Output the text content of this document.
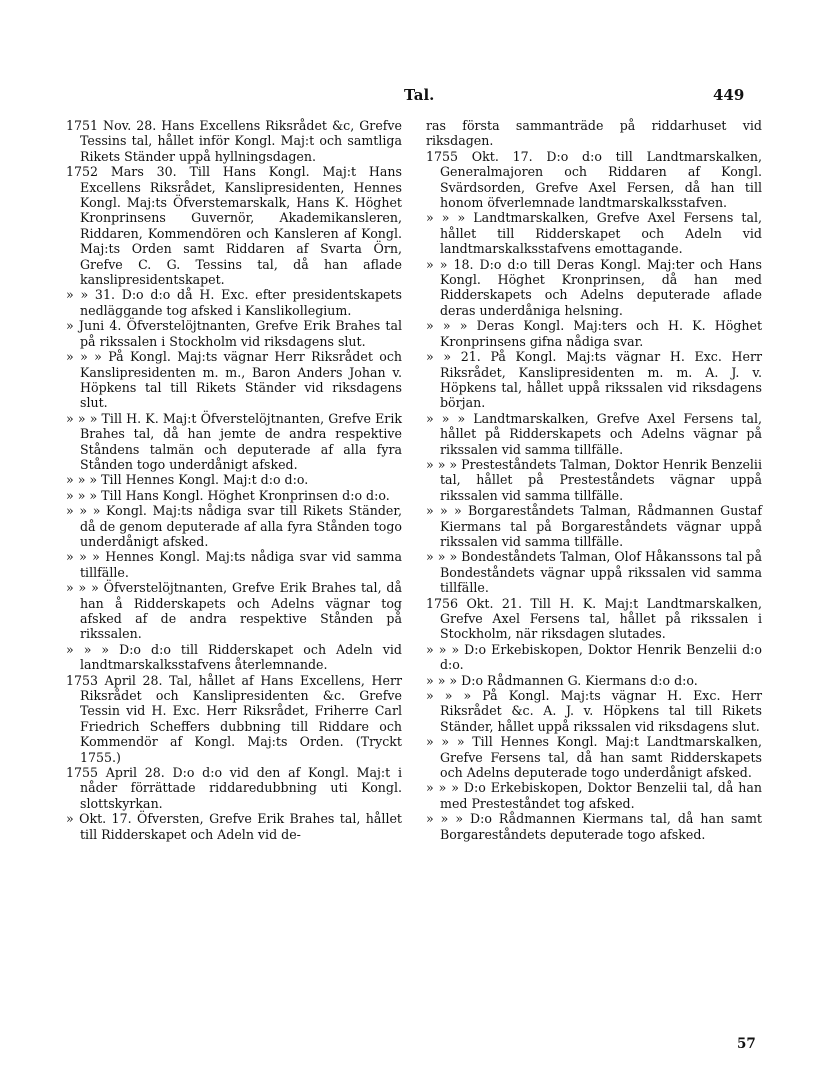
Tal.	449

1751 Nov. 28. Hans Excellens Riksrådet &c, Grefve Tessins tal, hållet inför Kongl. Maj:t och samtliga Rikets Ständer uppå hyllningsdagen.

1752 Mars 30. Till Hans Kongl. Maj:t Hans Excellens Riksrådet, Kanslipresidenten, Hennes Kongl. Maj:ts Öfverstemarskalk, Hans K. Höghet Kronprinsens Guvernör, Akademikansleren, Riddaren, Kommendören och Kansleren af Kongl. Maj:ts Orden samt Riddaren af Svarta Örn, Grefve C. G. Tessins tal, då han aflade kanslipresidentskapet.

» » 31. D:o d:o då H. Exc. efter presidentskapets nedläggande tog afsked i Kanslikollegium.

» Juni 4. Öfverstelöjtnanten, Grefve Erik Brahes tal på rikssalen i Stockholm vid riksdagens slut.

» » » På Kongl. Maj:ts vägnar Herr Riksrådet och Kanslipresidenten m. m., Baron Anders Johan v. Höpkens tal till Rikets Ständer vid riksdagens slut.

» » » Till H. K. Maj:t Öfverstelöjtnanten, Grefve Erik Brahes tal, då han jemte de andra respektive Ståndens talmän och deputerade af alla fyra Stånden togo underdånigt afsked.

» » » Till Hennes Kongl. Maj:t d:o d:o.

» » » Till Hans Kongl. Höghet Kronprinsen d:o d:o.

» » » Kongl. Maj:ts nådiga svar till Rikets Ständer, då de genom deputerade af alla fyra Stånden togo underdånigt afsked.

» » » Hennes Kongl. Maj:ts nådiga svar vid samma tillfälle.

» » » Öfverstelöjtnanten, Grefve Erik Brahes tal, då han å Ridderskapets och Adelns vägnar tog afsked af de andra respektive Stånden på rikssalen.

» » » D:o d:o till Ridderskapet och Adeln vid landtmarskalksstafvens återlemnande.

1753 April 28. Tal, hållet af Hans Excellens, Herr Riksrådet och Kanslipresidenten &c. Grefve Tessin vid H. Exc. Herr Riksrådet, Friherre Carl Friedrich Scheffers dubbning till Riddare och Kommendör af Kongl. Maj:ts Orden. (Tryckt 1755.)

1755 April 28. D:o d:o vid den af Kongl. Maj:t i nåder förrättade riddaredubbning uti Kongl. slottskyrkan.

» Okt. 17. Öfversten, Grefve Erik Brahes tal, hållet till Ridderskapet och Adeln vid de-

ras första sammanträde på riddarhuset vid riksdagen.

1755 Okt. 17. D:o d:o till Landtmarskalken, Generalmajoren och Riddaren af Kongl. Svärdsorden, Grefve Axel Fersen, då han till honom öfverlemnade landtmarskalksstafven.

» » » Landtmarskalken, Grefve Axel Fersens tal, hållet till Ridderskapet och Adeln vid landtmarskalksstafvens emottagande.

» » 18. D:o d:o till Deras Kongl. Maj:ter och Hans Kongl. Höghet Kronprinsen, då han med Ridderskapets och Adelns deputerade aflade deras underdåniga helsning.

» » » Deras Kongl. Maj:ters och H. K. Höghet Kronprinsens gifna nådiga svar.

» » 21. På Kongl. Maj:ts vägnar H. Exc. Herr Riksrådet, Kanslipresidenten m. m. A. J. v. Höpkens tal, hållet uppå rikssalen vid riksdagens början.

» » » Landtmarskalken, Grefve Axel Fersens tal, hållet på Ridderskapets och Adelns vägnar på rikssalen vid samma tillfälle.

» » » Presteståndets Talman, Doktor Henrik Benzelii tal, hållet på Presteståndets vägnar uppå rikssalen vid samma tillfälle.

» » » Borgareståndets Talman, Rådmannen Gustaf Kiermans tal på Borgareståndets vägnar uppå rikssalen vid samma tillfälle.

» » » Bondeståndets Talman, Olof Håkanssons tal på Bondeståndets vägnar uppå rikssalen vid samma tillfälle.

1756 Okt. 21. Till H. K. Maj:t Landtmarskalken, Grefve Axel Fersens tal, hållet på rikssalen i Stockholm, när riksdagen slutades.

» » » D:o Erkebiskopen, Doktor Henrik Benzelii d:o d:o.

» » » D:o Rådmannen G. Kiermans d:o d:o.

» » » På Kongl. Maj:ts vägnar H. Exc. Herr Riksrådet &c. A. J. v. Höpkens tal till Rikets Ständer, hållet uppå rikssalen vid riksdagens slut.

» » » Till Hennes Kongl. Maj:t Landtmarskalken, Grefve Fersens tal, då han samt Ridderskapets och Adelns deputerade togo underdånigt afsked.

» » » D:o Erkebiskopen, Doktor Benzelii tal, då han med Presteståndet tog afsked.

» » » D:o Rådmannen Kiermans tal, då han samt Borgareståndets deputerade togo afsked.

57
